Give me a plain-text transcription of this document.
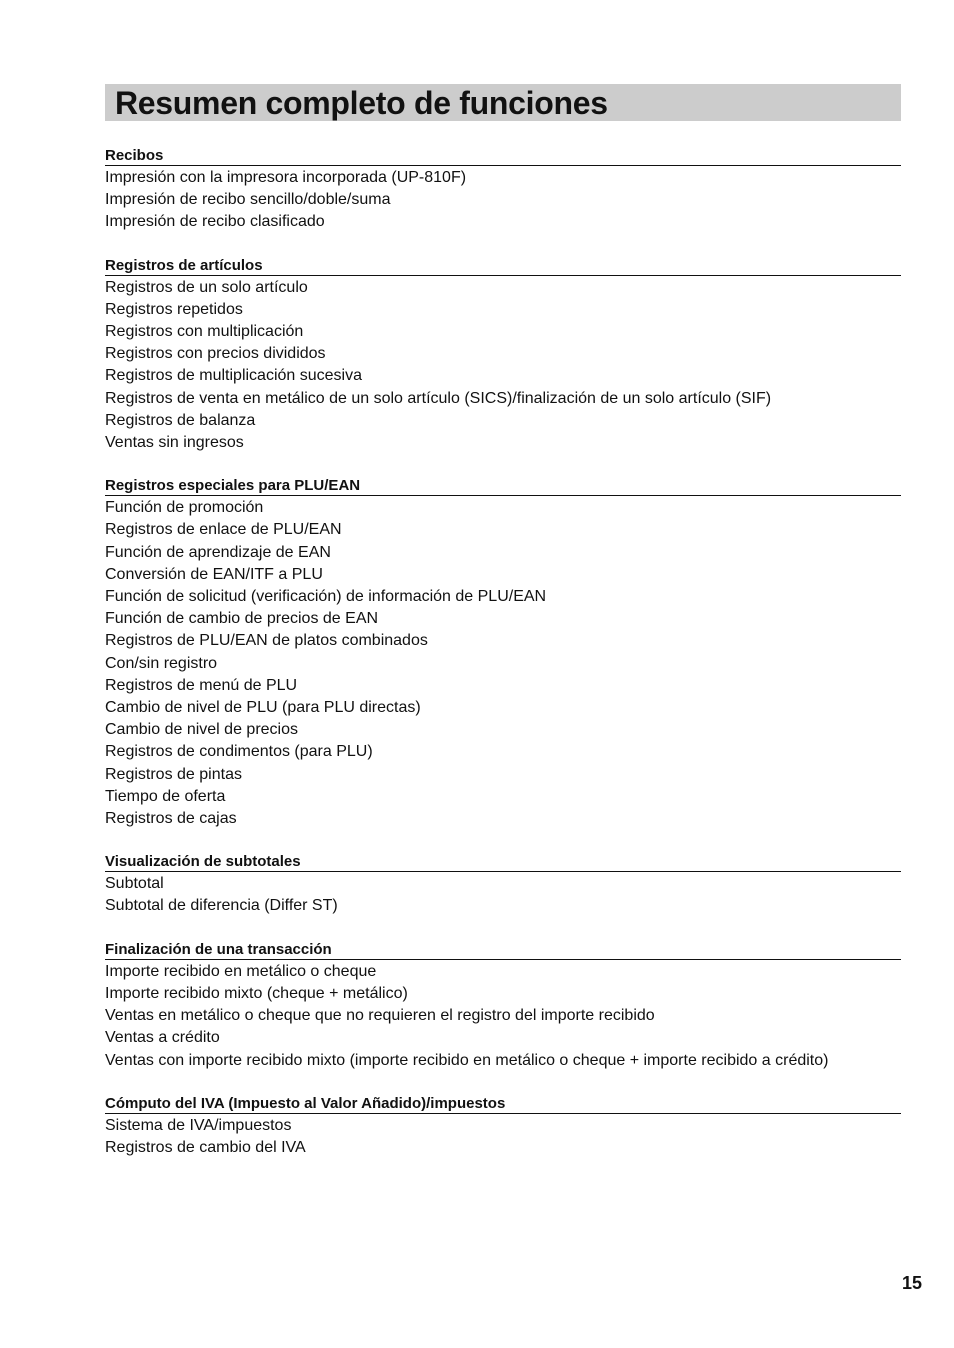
Resumen completo de funciones
Recibos
Impresión con la impresora incorporada (UP-810F)
Impresión de recibo sencillo/doble/suma
Impresión de recibo clasificado
Registros de artículos
Registros de un solo artículo
Registros repetidos
Registros con multiplicación
Registros con precios divididos
Registros de multiplicación sucesiva
Registros de venta en metálico de un solo artículo (SICS)/finalización de un solo artículo (SIF)
Registros de balanza
Ventas sin ingresos
Registros especiales para PLU/EAN
Función de promoción
Registros de enlace de PLU/EAN
Función de aprendizaje de EAN
Conversión de EAN/ITF a PLU
Función de solicitud (verificación) de información de PLU/EAN
Función de cambio de precios de EAN
Registros de PLU/EAN de platos combinados
Con/sin registro
Registros de menú de PLU
Cambio de nivel de PLU (para PLU directas)
Cambio de nivel de precios
Registros de condimentos (para PLU)
Registros de pintas
Tiempo de oferta
Registros de cajas
Visualización de subtotales
Subtotal
Subtotal de diferencia (Differ ST)
Finalización de una transacción
Importe recibido en metálico o cheque
Importe recibido mixto (cheque + metálico)
Ventas en metálico o cheque que no requieren el registro del importe recibido
Ventas a crédito
Ventas con importe recibido mixto (importe recibido en metálico o cheque + importe recibido a crédito)
Cómputo del IVA (Impuesto al Valor Añadido)/impuestos
Sistema de IVA/impuestos
Registros de cambio del IVA
15
